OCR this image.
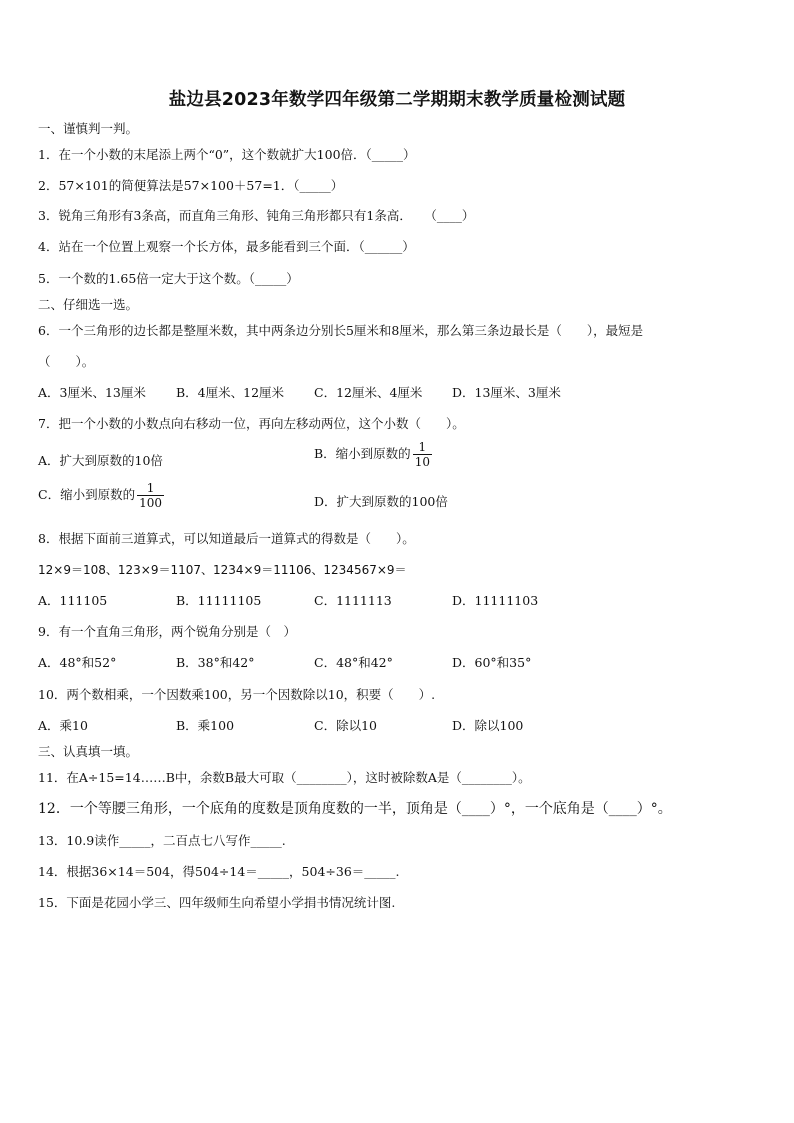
盐边县2023年数学四年级第二学期期末教学质量检测试题
一、谨慎判一判。
1．在一个小数的末尾添上两个“0”，这个数就扩大100倍．（_____）
2．57×101的简便算法是57×100＋57=1．（_____）
3．锐角三角形有3条高，而直角三角形、钝角三角形都只有1条高．　　（____）
4．站在一个位置上观察一个长方体，最多能看到三个面．（______）
5．一个数的1.65倍一定大于这个数。（_____）
二、仔细选一选。
6．一个三角形的边长都是整厘米数，其中两条边分别长5厘米和8厘米，那么第三条边最长是（　　），最短是
（　　）。
A．3厘米、13厘米 B．4厘米、12厘米 C．12厘米、4厘米 D．13厘米、3厘米
7．把一个小数的小数点向右移动一位，再向左移动两位，这个小数（　　）。
A．扩大到原数的10倍	B．缩小到原数的 $\frac{1}{10}$
C．缩小到原数的 $\frac{1}{100}$	D．扩大到原数的100倍
8．根据下面前三道算式，可以知道最后一道算式的得数是（　　）。
12×9＝108、123×9＝1107、1234×9＝11106、1234567×9＝
A．111105	B．11111105	C．1111113	D．11111103
9．有一个直角三角形，两个锐角分别是（　）
A．48°和52°	B．38°和42°	C．48°和42°	D．60°和35°
10．两个数相乘，一个因数乘100，另一个因数除以10，积要（　　）.
A．乘10	B．乘100	C．除以10	D．除以100
三、认真填一填。
11．在A÷15=14……B中，余数B最大可取（________），这时被除数A是（________）。
12．一个等腰三角形，一个底角的度数是顶角度数的一半，顶角是（____）°，一个底角是（____）°。
13．10.9读作_____，二百点七八写作_____.
14．根据36×14＝504，得504÷14＝_____，504÷36＝_____.
15．下面是花园小学三、四年级师生向希望小学捐书情况统计图.
